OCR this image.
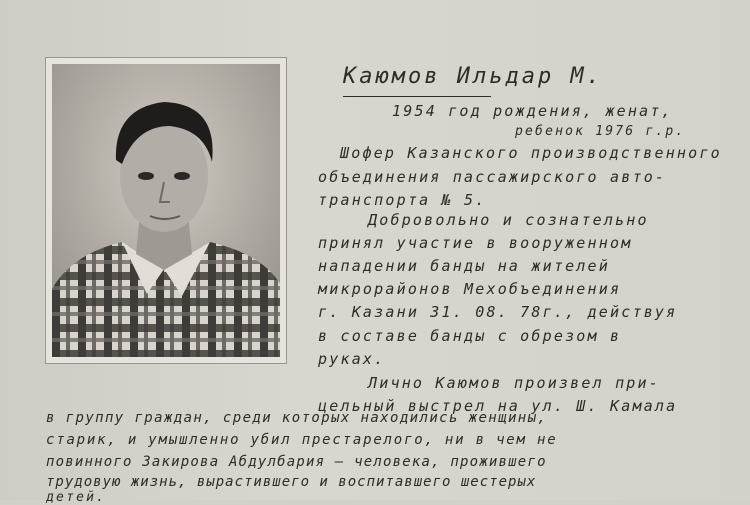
Каюмов Ильдар М.
1954 год рождения, женат,
ребенок 1976 г.р.
Шофер Казанского производственного
объединения пассажирского авто-
транспорта № 5.
Добровольно и сознательно
принял участие в вооруженном
нападении банды на жителей
микрорайонов Мехобъединения
г. Казани 31. 08. 78г., действуя
в составе банды с обрезом в
руках.
Лично Каюмов произвел при-
цельный выстрел на ул. Ш. Камала
в группу граждан, среди которых находились женщины,
старик, и умышленно убил престарелого, ни в чем не
повинного Закирова Абдулбария — человека, прожившего
трудовую жизнь, вырастившего и воспитавшего шестерых
детей.
